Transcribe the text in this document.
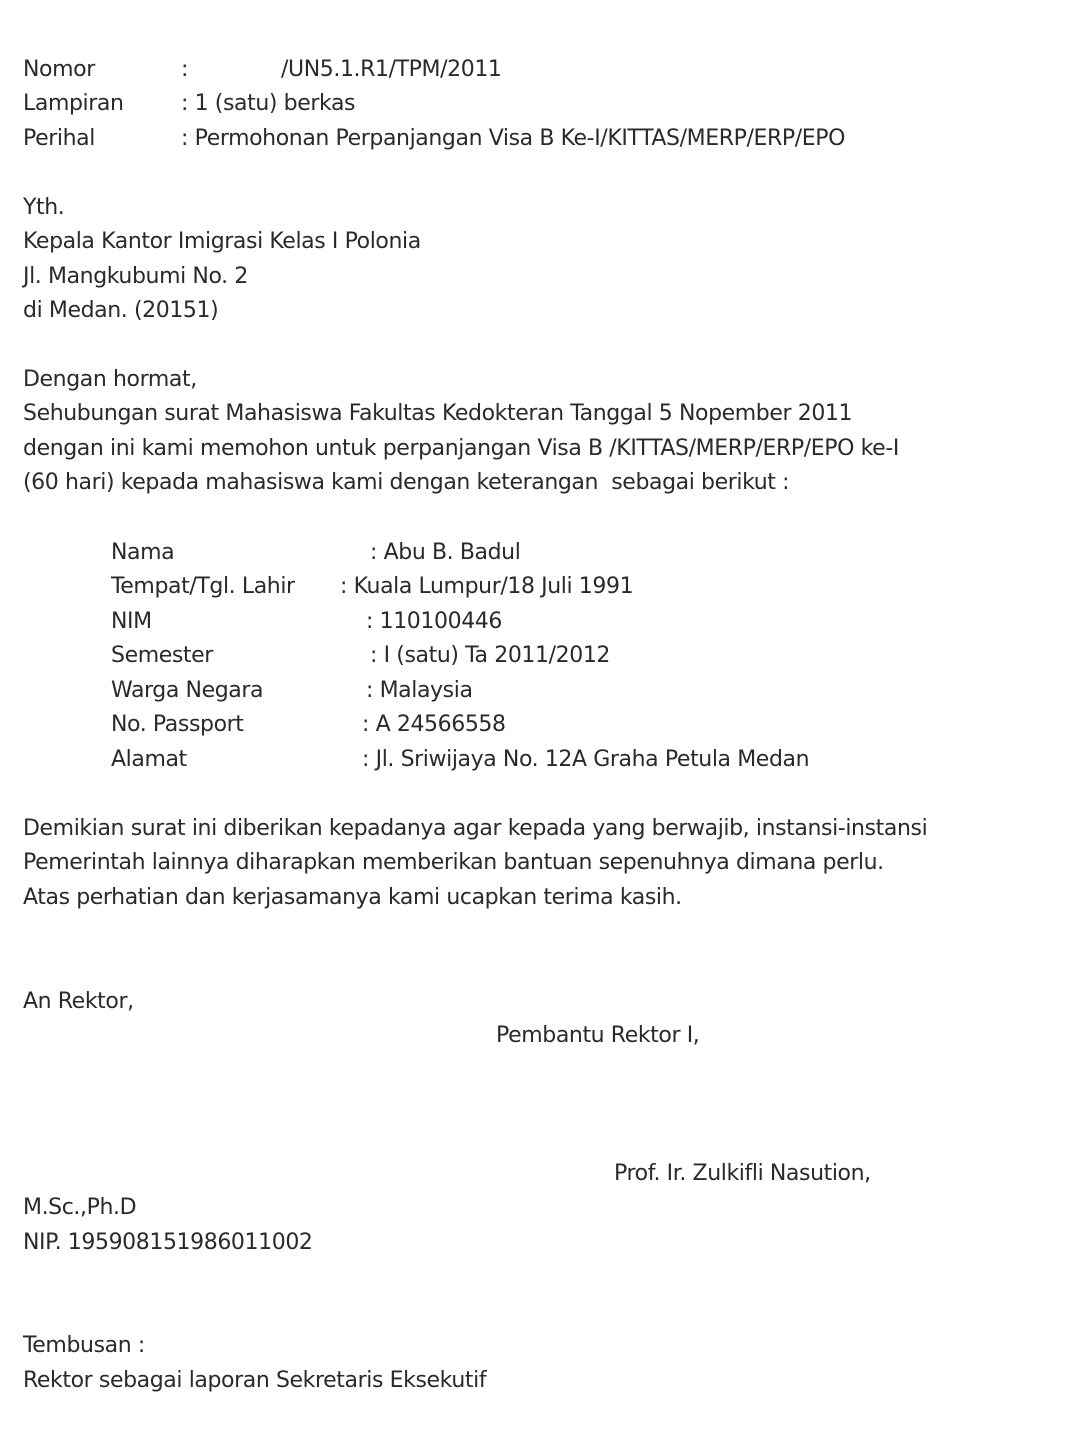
Nomor	:	/UN5.1.R1/TPM/2011
Lampiran	: 1 (satu) berkas
Perihal	: Permohonan Perpanjangan Visa B Ke-I/KITTAS/MERP/ERP/EPO
Yth.
Kepala Kantor Imigrasi Kelas I Polonia
Jl. Mangkubumi No. 2
di Medan. (20151)
Dengan hormat,
Sehubungan surat Mahasiswa Fakultas Kedokteran Tanggal 5 Nopember 2011
dengan ini kami memohon untuk perpanjangan Visa B /KITTAS/MERP/ERP/EPO ke-I
(60 hari) kepada mahasiswa kami dengan keterangan  sebagai berikut :
Nama	: Abu B. Badul
Tempat/Tgl. Lahir : Kuala Lumpur/18 Juli 1991
NIM	: 110100446
Semester	: I (satu) Ta 2011/2012
Warga Negara	: Malaysia
No. Passport	: A 24566558
Alamat	: Jl. Sriwijaya No. 12A Graha Petula Medan
Demikian surat ini diberikan kepadanya agar kepada yang berwajib, instansi-instansi
Pemerintah lainnya diharapkan memberikan bantuan sepenuhnya dimana perlu.
Atas perhatian dan kerjasamanya kami ucapkan terima kasih.
An Rektor,
Pembantu Rektor I,
Prof. Ir. Zulkifli Nasution,
M.Sc.,Ph.D
NIP. 195908151986011002
Tembusan :
Rektor sebagai laporan Sekretaris Eksekutif
